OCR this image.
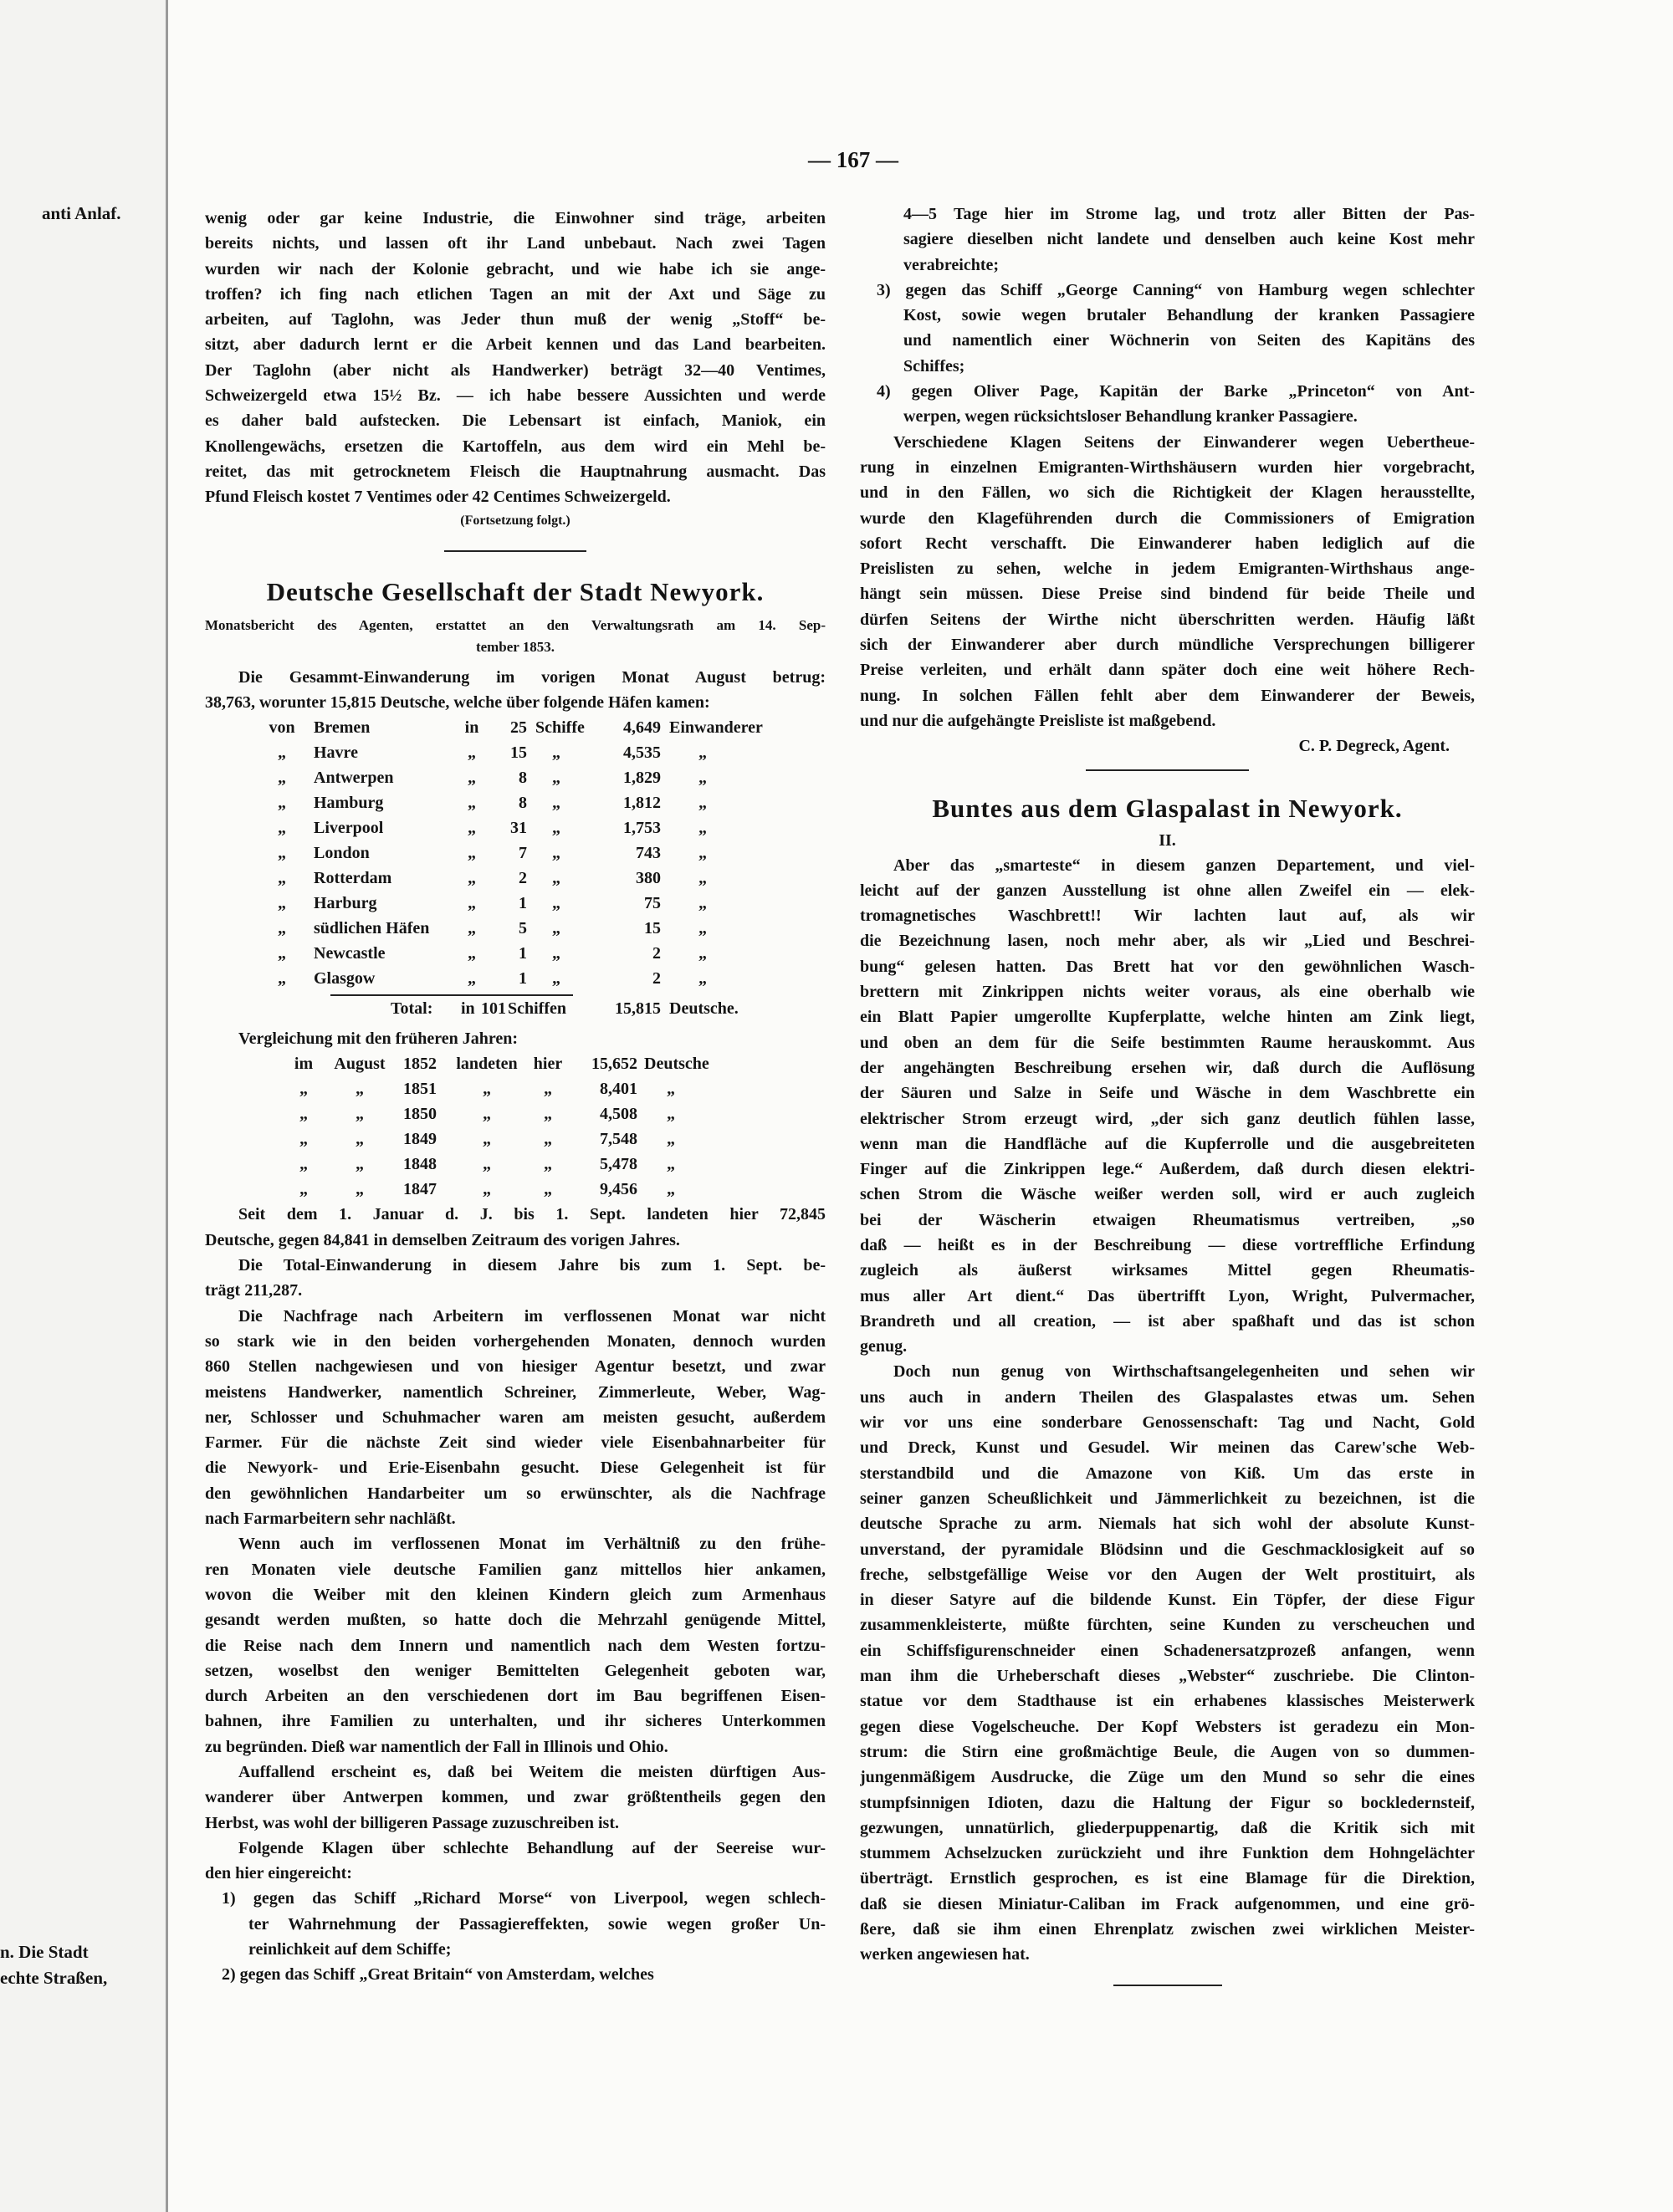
anti Anlaf.
n. Die Stadt
echte Straßen,
— 167 —
wenig oder gar keine Industrie, die Einwohner sind träge, arbeiten
bereits nichts, und lassen oft ihr Land unbebaut. Nach zwei Tagen
wurden wir nach der Kolonie gebracht, und wie habe ich sie ange-
troffen? ich fing nach etlichen Tagen an mit der Axt und Säge zu
arbeiten, auf Taglohn, was Jeder thun muß der wenig „Stoff“ be-
sitzt, aber dadurch lernt er die Arbeit kennen und das Land bearbeiten.
Der Taglohn (aber nicht als Handwerker) beträgt 32—40 Ventimes,
Schweizergeld etwa 15½ Bz. — ich habe bessere Aussichten und werde
es daher bald aufstecken. Die Lebensart ist einfach, Maniok, ein
Knollengewächs, ersetzen die Kartoffeln, aus dem wird ein Mehl be-
reitet, das mit getrocknetem Fleisch die Hauptnahrung ausmacht. Das
Pfund Fleisch kostet 7 Ventimes oder 42 Centimes Schweizergeld.
(Fortsetzung folgt.)
Deutsche Gesellschaft der Stadt Newyork.
Monatsbericht des Agenten, erstattet an den Verwaltungsrath am 14. Sep-
tember 1853.
Die Gesammt-Einwanderung im vorigen Monat August betrug:
38,763, worunter 15,815 Deutsche, welche über folgende Häfen kamen:
von Bremen	in	25 Schiffe	4,649 Einwanderer
„	Havre	„	15 „	4,535 „
„	Antwerpen	„	8 „	1,829 „
„	Hamburg	„	8 „	1,812 „
„	Liverpool	„	31 „	1,753 „
„	London	„	7 „	743 „
„	Rotterdam	„	2 „	380 „
„	Harburg	„	1 „	75 „
„	südlichen Häfen	„	5 „	15 „
„	Newcastle	„	1 „	2 „
„	Glasgow	„	1 „	2 „
Total: in 101 Schiffen	15,815 Deutsche.
Vergleichung mit den früheren Jahren:
im	August	1852	landeten hier	15,652 Deutsche
„	„	1851	„	„	8,401 „
„	„	1850	„	„	4,508 „
„	„	1849	„	„	7,548 „
„	„	1848	„	„	5,478 „
„	„	1847	„	„	9,456 „
Seit dem 1. Januar d. J. bis 1. Sept. landeten hier 72,845
Deutsche, gegen 84,841 in demselben Zeitraum des vorigen Jahres.
Die Total-Einwanderung in diesem Jahre bis zum 1. Sept. be-
trägt 211,287.
Die Nachfrage nach Arbeitern im verflossenen Monat war nicht
so stark wie in den beiden vorhergehenden Monaten, dennoch wurden
860 Stellen nachgewiesen und von hiesiger Agentur besetzt, und zwar
meistens Handwerker, namentlich Schreiner, Zimmerleute, Weber, Wag-
ner, Schlosser und Schuhmacher waren am meisten gesucht, außerdem
Farmer. Für die nächste Zeit sind wieder viele Eisenbahnarbeiter für
die Newyork- und Erie-Eisenbahn gesucht. Diese Gelegenheit ist für
den gewöhnlichen Handarbeiter um so erwünschter, als die Nachfrage
nach Farmarbeitern sehr nachläßt.
Wenn auch im verflossenen Monat im Verhältniß zu den frühe-
ren Monaten viele deutsche Familien ganz mittellos hier ankamen,
wovon die Weiber mit den kleinen Kindern gleich zum Armenhaus
gesandt werden mußten, so hatte doch die Mehrzahl genügende Mittel,
die Reise nach dem Innern und namentlich nach dem Westen fortzu-
setzen, woselbst den weniger Bemittelten Gelegenheit geboten war,
durch Arbeiten an den verschiedenen dort im Bau begriffenen Eisen-
bahnen, ihre Familien zu unterhalten, und ihr sicheres Unterkommen
zu begründen. Dieß war namentlich der Fall in Illinois und Ohio.
Auffallend erscheint es, daß bei Weitem die meisten dürftigen Aus-
wanderer über Antwerpen kommen, und zwar größtentheils gegen den
Herbst, was wohl der billigeren Passage zuzuschreiben ist.
Folgende Klagen über schlechte Behandlung auf der Seereise wur-
den hier eingereicht:
1) gegen das Schiff „Richard Morse“ von Liverpool, wegen schlech-
ter Wahrnehmung der Passagiereffekten, sowie wegen großer Un-
reinlichkeit auf dem Schiffe;
2) gegen das Schiff „Great Britain“ von Amsterdam, welches
4—5 Tage hier im Strome lag, und trotz aller Bitten der Pas-
sagiere dieselben nicht landete und denselben auch keine Kost mehr
verabreichte;
3) gegen das Schiff „George Canning“ von Hamburg wegen schlechter
Kost, sowie wegen brutaler Behandlung der kranken Passagiere
und namentlich einer Wöchnerin von Seiten des Kapitäns des
Schiffes;
4) gegen Oliver Page, Kapitän der Barke „Princeton“ von Ant-
werpen, wegen rücksichtsloser Behandlung kranker Passagiere.
Verschiedene Klagen Seitens der Einwanderer wegen Uebertheue-
rung in einzelnen Emigranten-Wirthshäusern wurden hier vorgebracht,
und in den Fällen, wo sich die Richtigkeit der Klagen herausstellte,
wurde den Klageführenden durch die Commissioners of Emigration
sofort Recht verschafft. Die Einwanderer haben lediglich auf die
Preislisten zu sehen, welche in jedem Emigranten-Wirthshaus ange-
hängt sein müssen. Diese Preise sind bindend für beide Theile und
dürfen Seitens der Wirthe nicht überschritten werden. Häufig läßt
sich der Einwanderer aber durch mündliche Versprechungen billigerer
Preise verleiten, und erhält dann später doch eine weit höhere Rech-
nung. In solchen Fällen fehlt aber dem Einwanderer der Beweis,
und nur die aufgehängte Preisliste ist maßgebend.
C. P. Degreck, Agent.
Buntes aus dem Glaspalast in Newyork.
II.
Aber das „smarteste“ in diesem ganzen Departement, und viel-
leicht auf der ganzen Ausstellung ist ohne allen Zweifel ein — elek-
tromagnetisches Waschbrett!! Wir lachten laut auf, als wir
die Bezeichnung lasen, noch mehr aber, als wir „Lied und Beschrei-
bung“ gelesen hatten. Das Brett hat vor den gewöhnlichen Wasch-
brettern mit Zinkrippen nichts weiter voraus, als eine oberhalb wie
ein Blatt Papier umgerollte Kupferplatte, welche hinten am Zink liegt,
und oben an dem für die Seife bestimmten Raume herauskommt. Aus
der angehängten Beschreibung ersehen wir, daß durch die Auflösung
der Säuren und Salze in Seife und Wäsche in dem Waschbrette ein
elektrischer Strom erzeugt wird, „der sich ganz deutlich fühlen lasse,
wenn man die Handfläche auf die Kupferrolle und die ausgebreiteten
Finger auf die Zinkrippen lege.“ Außerdem, daß durch diesen elektri-
schen Strom die Wäsche weißer werden soll, wird er auch zugleich
bei der Wäscherin etwaigen Rheumatismus vertreiben, „so
daß — heißt es in der Beschreibung — diese vortreffliche Erfindung
zugleich als äußerst wirksames Mittel gegen Rheumatis-
mus aller Art dient.“ Das übertrifft Lyon, Wright, Pulvermacher,
Brandreth und all creation, — ist aber spaßhaft und das ist schon
genug.
Doch nun genug von Wirthschaftsangelegenheiten und sehen wir
uns auch in andern Theilen des Glaspalastes etwas um. Sehen
wir vor uns eine sonderbare Genossenschaft: Tag und Nacht, Gold
und Dreck, Kunst und Gesudel. Wir meinen das Carew'sche Web-
sterstandbild und die Amazone von Kiß. Um das erste in
seiner ganzen Scheußlichkeit und Jämmerlichkeit zu bezeichnen, ist die
deutsche Sprache zu arm. Niemals hat sich wohl der absolute Kunst-
unverstand, der pyramidale Blödsinn und die Geschmacklosigkeit auf so
freche, selbstgefällige Weise vor den Augen der Welt prostituirt, als
in dieser Satyre auf die bildende Kunst. Ein Töpfer, der diese Figur
zusammenkleisterte, müßte fürchten, seine Kunden zu verscheuchen und
ein Schiffsfigurenschneider einen Schadenersatzprozeß anfangen, wenn
man ihm die Urheberschaft dieses „Webster“ zuschriebe. Die Clinton-
statue vor dem Stadthause ist ein erhabenes klassisches Meisterwerk
gegen diese Vogelscheuche. Der Kopf Websters ist geradezu ein Mon-
strum: die Stirn eine großmächtige Beule, die Augen von so dummen-
jungenmäßigem Ausdrucke, die Züge um den Mund so sehr die eines
stumpfsinnigen Idioten, dazu die Haltung der Figur so bockledernsteif,
gezwungen, unnatürlich, gliederpuppenartig, daß die Kritik sich mit
stummem Achselzucken zurückzieht und ihre Funktion dem Hohngelächter
überträgt. Ernstlich gesprochen, es ist eine Blamage für die Direktion,
daß sie diesen Miniatur-Caliban im Frack aufgenommen, und eine grö-
ßere, daß sie ihm einen Ehrenplatz zwischen zwei wirklichen Meister-
werken angewiesen hat.
